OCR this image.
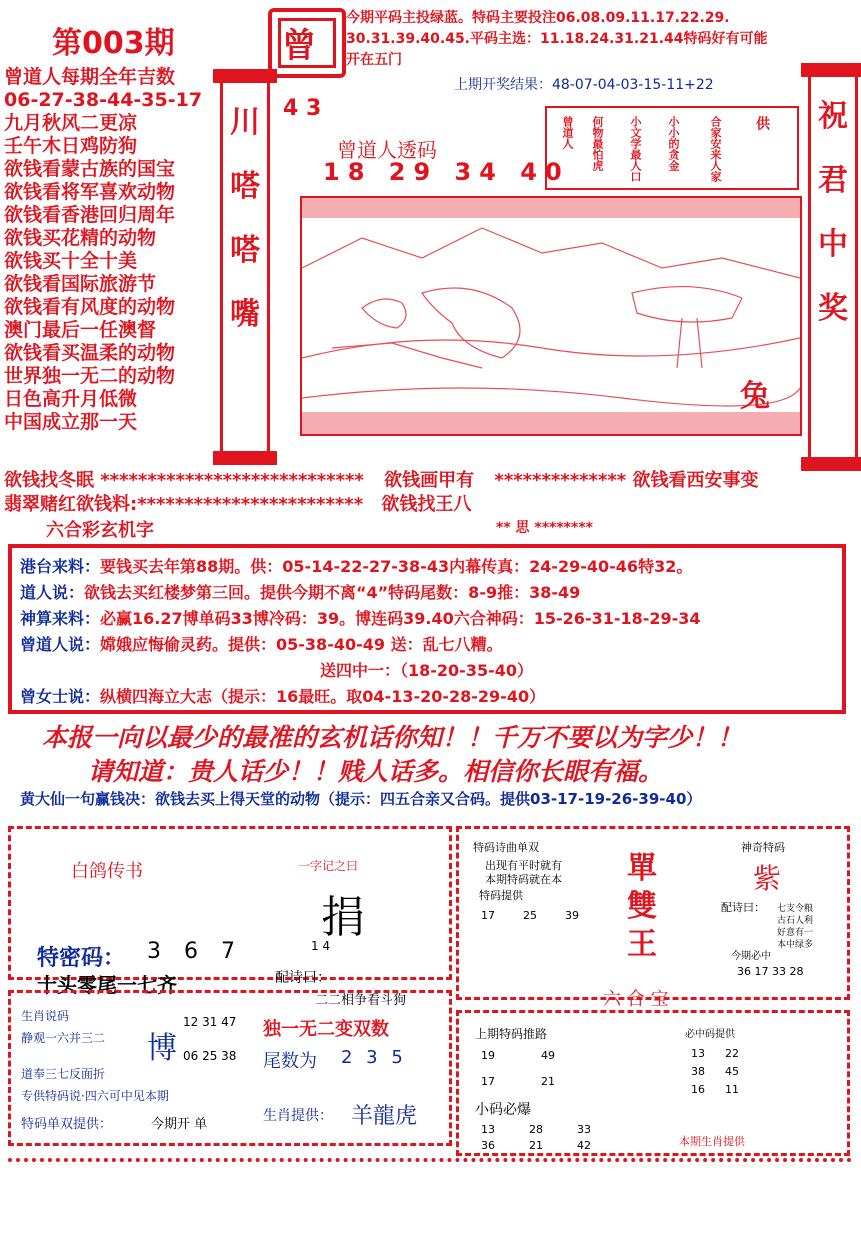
第003期	曾
今期平码主投绿蓝。特码主要投注06.08.09.11.17.22.29.
30.31.39.40.45.平码主选：11.18.24.31.21.44特码好有可能
开在五门
上期开奖结果：48-07-04-03-15-11+22
曾道人每期全年吉数
06-27-38-44-35-17
九月秋风二更凉
壬午木日鸡防狗
欲钱看蒙古族的国宝
欲钱看将军喜欢动物
欲钱看香港回归周年
欲钱买花精的动物
欲钱买十全十美
欲钱看国际旅游节
欲钱看有风度的动物
澳门最后一任澳督
欲钱看买温柔的动物
世界独一无二的动物
日色高升月低微
中国成立那一天
川
嗒
嗒
嘴
祝
君
中
奖
4 3
曾道人透码
18 29 34 40
曾道人 何物最怕虎 小文学最人口 小小的贪金	合家安来人家 供
兔
欲钱找冬眠 **************************** 欲钱画甲有 ************** 欲钱看西安事变
翡翠赌红欲钱料:************************ 欲钱找王八
六合彩玄机字	** 思 ********
港台来料：要钱买去年第88期。供：05-14-22-27-38-43内幕传真：24-29-40-46特32。
道人说：欲钱去买红楼梦第三回。提供今期不离“4”特码尾数：8-9推：38-49
神算来料：必赢16.27博单码33博冷码：39。博连码39.40六合神码：15-26-31-18-29-34
曾道人说：嫦娥应悔偷灵药。提供：05-38-40-49 送：乱七八糟。
送四中一：（18-20-35-40）
曾女士说：纵横四海立大志（提示：16最旺。取04-13-20-28-29-40）
本报一向以最少的最准的玄机话你知！！千万不要以为字少！！
请知道：贵人话少！！贱人话多。相信你长眼有福。
黄大仙一句赢钱决：欲钱去买上得天堂的动物（提示：四五合亲又合码。提供03-17-19-26-39-40）
白鸽传书	一字记之曰
捐
1 4
特密码： 3 6 7
十头零尾一七齐	配诗曰：
二二相争看斗狗
生肖说码
静观一六并三二
道奉三七反面折
专供特码说·四六可中见本期
博
12 31 47
06 25 38
特码单双提供：	今期开 单
独一无二变双数
尾数为 2 3 5
生肖提供： 羊龍虎
特码诗曲单双
出现有平时就有
本期特码就在本
特码提供
17	25	39
單
雙
王
神奇特码
紫
配诗曰： 七支令粮
古石人利
好意有一
本中绿多
今期必中
36 17 33 28
六 合 宝
上期特码推路
19	49
17	21
必中码提供
13 22
38 45
16 11
小码必爆
13	28	33
36	21	42	本期生肖提供
